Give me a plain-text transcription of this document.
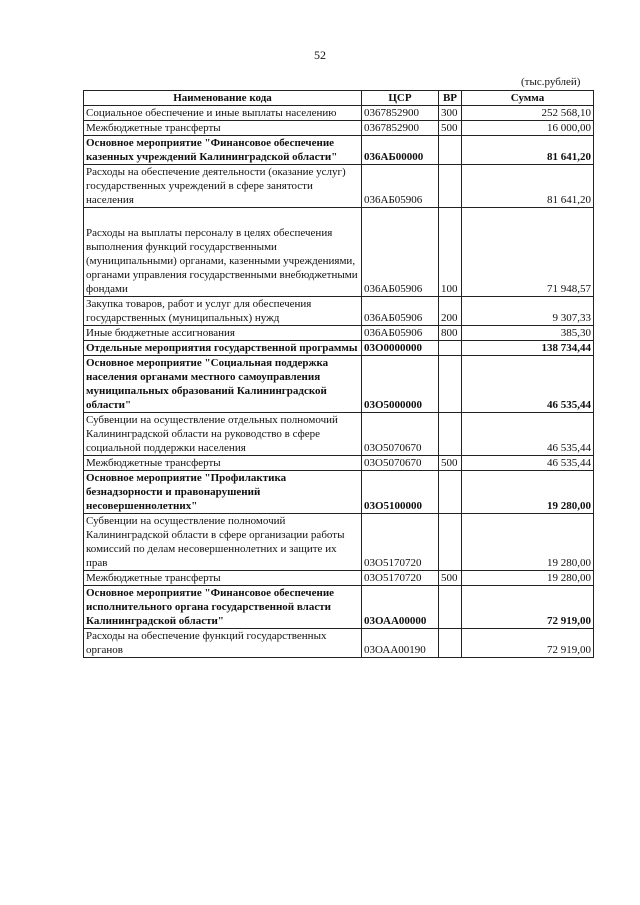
52
(тыс.рублей)
Наименование кода	ЦСР	ВР	Сумма
Социальное обеспечение и иные выплаты населению	0367852900	300	252 568,10
Межбюджетные трансферты	0367852900	500	16 000,00
Основное мероприятие "Финансовое обеспечение казенных учреждений Калининградской области"	036АБ00000		81 641,20
Расходы на обеспечение деятельности (оказание услуг) государственных учреждений в сфере занятости населения	036АБ05906		81 641,20
Расходы на выплаты персоналу в целях обеспечения выполнения функций государственными (муниципальными) органами, казенными учреждениями, органами управления государственными внебюджетными фондами	036АБ05906	100	71 948,57
Закупка товаров, работ и услуг для обеспечения государственных (муниципальных) нужд	036АБ05906	200	9 307,33
Иные бюджетные ассигнования	036АБ05906	800	385,30
Отдельные мероприятия государственной программы	03О0000000		138 734,44
Основное мероприятие "Социальная поддержка населения органами местного самоуправления муниципальных образований Калининградской области"	03О5000000		46 535,44
Субвенции на осуществление отдельных полномочий Калининградской области на руководство в сфере социальной поддержки населения	03О5070670		46 535,44
Межбюджетные трансферты	03О5070670	500	46 535,44
Основное мероприятие "Профилактика безнадзорности и правонарушений несовершеннолетних"	03О5100000		19 280,00
Субвенции на осуществление полномочий Калининградской области в сфере организации работы комиссий по делам несовершеннолетних и защите их прав	03О5170720		19 280,00
Межбюджетные трансферты	03О5170720	500	19 280,00
Основное мероприятие "Финансовое обеспечение исполнительного органа государственной власти Калининградской области"	03ОАА00000		72 919,00
Расходы на обеспечение функций государственных органов	03ОАА00190		72 919,00
